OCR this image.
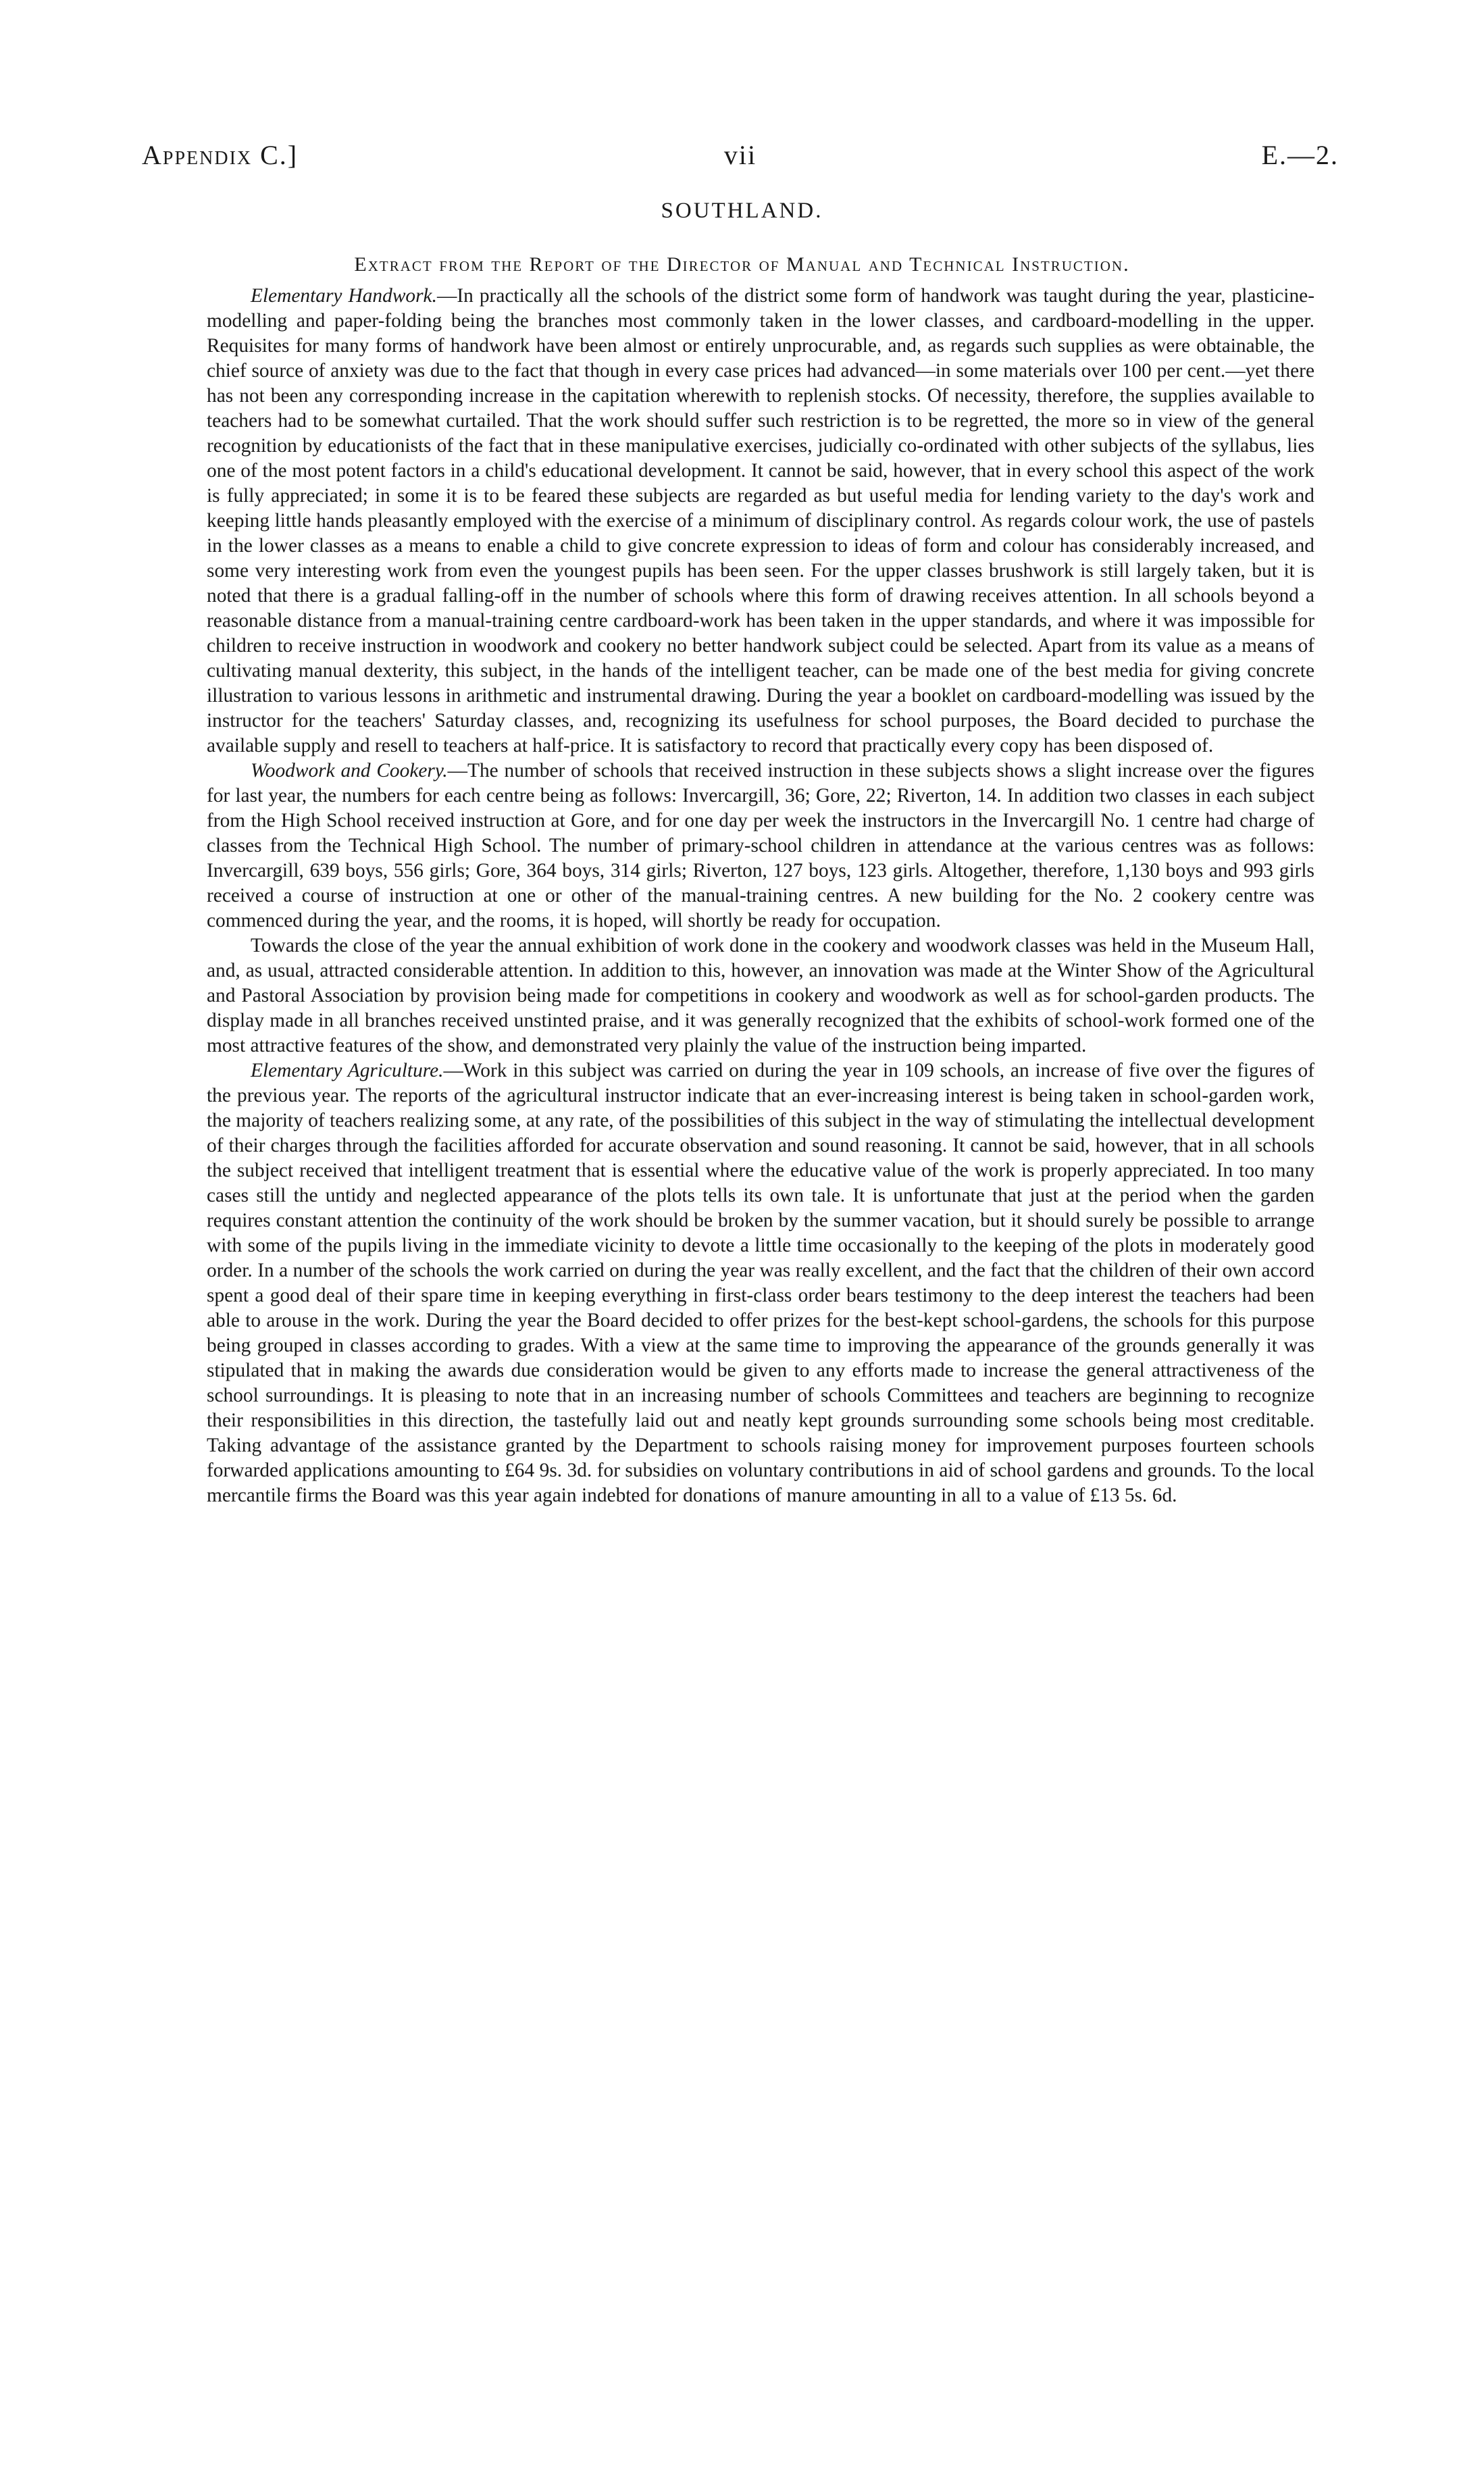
Appendix C.]	vii	E.—2.
SOUTHLAND.
Extract from the Report of the Director of Manual and Technical Instruction.

Elementary Handwork.—In practically all the schools of the district some form of handwork was taught during the year, plasticine-modelling and paper-folding being the branches most commonly taken in the lower classes, and cardboard-modelling in the upper. Requisites for many forms of handwork have been almost or entirely unprocurable, and, as regards such supplies as were obtainable, the chief source of anxiety was due to the fact that though in every case prices had advanced—in some materials over 100 per cent.—yet there has not been any corresponding increase in the capitation wherewith to replenish stocks. Of necessity, therefore, the supplies available to teachers had to be somewhat curtailed. That the work should suffer such restriction is to be regretted, the more so in view of the general recognition by educationists of the fact that in these manipulative exercises, judicially co-ordinated with other subjects of the syllabus, lies one of the most potent factors in a child's educational development. It cannot be said, however, that in every school this aspect of the work is fully appreciated; in some it is to be feared these subjects are regarded as but useful media for lending variety to the day's work and keeping little hands pleasantly employed with the exercise of a minimum of disciplinary control. As regards colour work, the use of pastels in the lower classes as a means to enable a child to give concrete expression to ideas of form and colour has considerably increased, and some very interesting work from even the youngest pupils has been seen. For the upper classes brushwork is still largely taken, but it is noted that there is a gradual falling-off in the number of schools where this form of drawing receives attention. In all schools beyond a reasonable distance from a manual-training centre cardboard-work has been taken in the upper standards, and where it was impossible for children to receive instruction in woodwork and cookery no better handwork subject could be selected. Apart from its value as a means of cultivating manual dexterity, this subject, in the hands of the intelligent teacher, can be made one of the best media for giving concrete illustration to various lessons in arithmetic and instrumental drawing. During the year a booklet on cardboard-modelling was issued by the instructor for the teachers' Saturday classes, and, recognizing its usefulness for school purposes, the Board decided to purchase the available supply and resell to teachers at half-price. It is satisfactory to record that practically every copy has been disposed of.

Woodwork and Cookery.—The number of schools that received instruction in these subjects shows a slight increase over the figures for last year, the numbers for each centre being as follows: Invercargill, 36; Gore, 22; Riverton, 14. In addition two classes in each subject from the High School received instruction at Gore, and for one day per week the instructors in the Invercargill No. 1 centre had charge of classes from the Technical High School. The number of primary-school children in attendance at the various centres was as follows: Invercargill, 639 boys, 556 girls; Gore, 364 boys, 314 girls; Riverton, 127 boys, 123 girls. Altogether, therefore, 1,130 boys and 993 girls received a course of instruction at one or other of the manual-training centres. A new building for the No. 2 cookery centre was commenced during the year, and the rooms, it is hoped, will shortly be ready for occupation.

Towards the close of the year the annual exhibition of work done in the cookery and woodwork classes was held in the Museum Hall, and, as usual, attracted considerable attention. In addition to this, however, an innovation was made at the Winter Show of the Agricultural and Pastoral Association by provision being made for competitions in cookery and woodwork as well as for school-garden products. The display made in all branches received unstinted praise, and it was generally recognized that the exhibits of school-work formed one of the most attractive features of the show, and demonstrated very plainly the value of the instruction being imparted.

Elementary Agriculture.—Work in this subject was carried on during the year in 109 schools, an increase of five over the figures of the previous year. The reports of the agricultural instructor indicate that an ever-increasing interest is being taken in school-garden work, the majority of teachers realizing some, at any rate, of the possibilities of this subject in the way of stimulating the intellectual development of their charges through the facilities afforded for accurate observation and sound reasoning. It cannot be said, however, that in all schools the subject received that intelligent treatment that is essential where the educative value of the work is properly appreciated. In too many cases still the untidy and neglected appearance of the plots tells its own tale. It is unfortunate that just at the period when the garden requires constant attention the continuity of the work should be broken by the summer vacation, but it should surely be possible to arrange with some of the pupils living in the immediate vicinity to devote a little time occasionally to the keeping of the plots in moderately good order. In a number of the schools the work carried on during the year was really excellent, and the fact that the children of their own accord spent a good deal of their spare time in keeping everything in first-class order bears testimony to the deep interest the teachers had been able to arouse in the work. During the year the Board decided to offer prizes for the best-kept school-gardens, the schools for this purpose being grouped in classes according to grades. With a view at the same time to improving the appearance of the grounds generally it was stipulated that in making the awards due consideration would be given to any efforts made to increase the general attractiveness of the school surroundings. It is pleasing to note that in an increasing number of schools Committees and teachers are beginning to recognize their responsibilities in this direction, the tastefully laid out and neatly kept grounds surrounding some schools being most creditable. Taking advantage of the assistance granted by the Department to schools raising money for improvement purposes fourteen schools forwarded applications amounting to £64 9s. 3d. for subsidies on voluntary contributions in aid of school gardens and grounds. To the local mercantile firms the Board was this year again indebted for donations of manure amounting in all to a value of £13 5s. 6d.
